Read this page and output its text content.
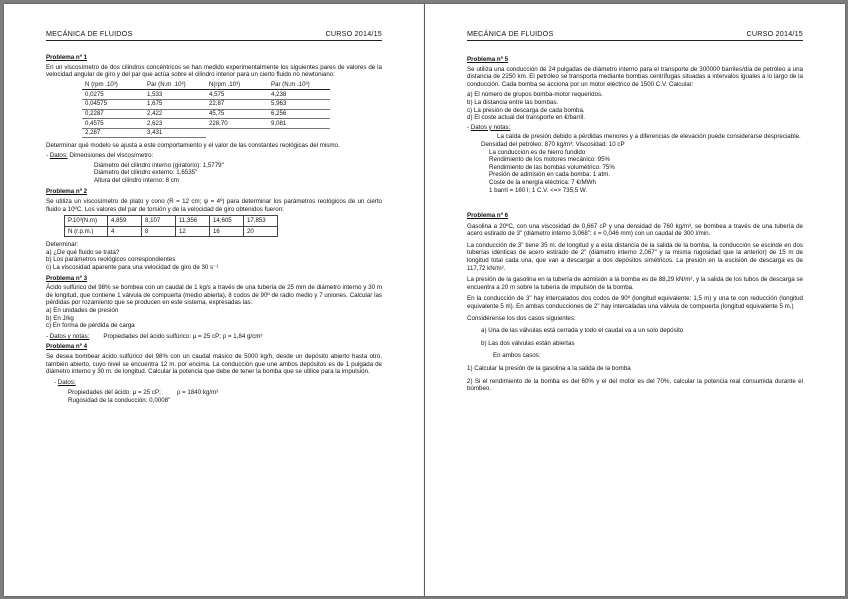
MECÁNICA DE FLUIDOS	CURSO 2014/15
Problema nº 1

En un viscosímetro de dos cilindros concéntricos se han medido experimentalmente los siguientes pares de valores de la velocidad angular de giro y del par que actúa sobre el cilindro interior para un cierto fluido no newtoniano:

N (rpm .10³)	Par (N.m .10³)	N(rpm .10³)	Par (N.m .10³)
0,0275	1,533	4,575	4,238
0,04575	1,675	22,87	5,963
0,2287	2,422	45,75	6,256
0,4575	2,623	228,70	9,081
2,287	3,431		

Determinar qué modelo se ajusta a este comportamiento y el valor de las constantes reológicas del mismo.

- Datos: Dimensiones del viscosímetro:
Diámetro del cilindro interno (giratorio): 1,5779"
Diámetro del cilindro externo: 1,6535"
Altura del cilindro interno: 8 cm
Problema nº 2

Se utiliza un viscosímetro de plato y cono (R = 12 cm; ψ = 4º) para determinar los parámetros reológicos de un cierto fluido a 10ºC. Los valores del par de torsión y de la velocidad de giro obtenidos fueron:

P.10³(N.m)	4,859	8,107	11,356	14,605	17,853
N (r.p.m.)	4	8	12	16	20
Determinar:
a) ¿De qué fluido se trata?
b) Los parámetros reológicos correspondientes
c) La viscosidad aparente para una velocidad de giro de 30 s⁻¹
Problema nº 3

Ácido sulfúrico del 98% se bombea con un caudal de 1 kg/s a través de una tubería de 25 mm de diámetro interno y 30 m de longitud, que contiene 1 válvula de compuerta (medio abierta), 8 codos de 90º de radio medio y 7 uniones. Calcular las pérdidas por rozamiento que se producen en este sistema, expresadas las:

a) En unidades de presión
b) En J/kg
c) En forma de pérdida de carga
- Datos y notas: Propiedades del ácido sulfúrico: μ = 25 cP; ρ = 1,84 g/cm³
Problema nº 4

Se desea bombear ácido sulfúrico del 98% con un caudal másico de 5000 kg/h, desde un depósito abierto hasta otro, también abierto, cuyo nivel se encuentra 12 m. por encima. La conducción que une ambos depósitos es de 1 pulgada de diámetro interno y 30 m. de longitud. Calcular la potencia que debe de tener la bomba que se utilice para la impulsión.

- Datos:
Propiedades del ácido: μ = 25 cP;	ρ = 1840 kg/m³
Rugosidad de la conducción: 0,0008"
MECÁNICA DE FLUIDOS	CURSO 2014/15
Problema nº 5

Se utiliza una conducción de 24 pulgadas de diámetro interno para el transporte de 300000 barriles/día de petróleo a una distancia de 2250 km. El petróleo se transporta mediante bombas centrífugas situadas a intervalos iguales a lo largo de la conducción. Cada bomba se acciona por un motor eléctrico de 1500 C.V. Calcular:

a) El número de grupos bomba-motor requeridos.
b) La distancia entre las bombas.
c) La presión de descarga de cada bomba.
d) El coste actual del transporte en €/barril.
- Datos y notas:

La caída de presión debido a pérdidas menores y a diferencias de elevación puede considerarse despreciable.

Densidad del petróleo: 870 kg/m³; Viscosidad: 10 cP
La conducción es de hierro fundido
Rendimiento de los motores mecánico: 95%
Rendimiento de las bombas volumétrico: 75%
Presión de admisión en cada bomba: 1 atm.
Coste de la energía eléctrica: 7 €/MWh
1 barril = 160 l; 1 C.V. <=> 735,5 W.
Problema nº 6

Gasolina a 20ºC, con una viscosidad de 0,667 cP y una densidad de 760 kg/m³, se bombea a través de una tubería de acero estirado de 3" (diámetro interno 3,068"; ε = 0,046 mm) con un caudal de 300 l/min.

La conducción de 3" tiene 35 m. de longitud y a esta distancia de la salida de la bomba, la conducción se escinde en dos tuberías idénticas de acero estirado de 2" (diámetro interno 2,067" y la misma rugosidad que la anterior) de 15 m de longitud total cada una, que van a descargar a dos depósitos simétricos. La presión en la escisión de descarga es de 117,72 kN/m².

La presión de la gasolina en la tubería de admisión a la bomba es de 88,29 kN/m², y la salida de los tubos de descarga se encuentra a 20 m sobre la tubería de impulsión de la bomba.

En la conducción de 3" hay intercalados dos codos de 90º (longitud equivalente: 1,5 m) y una te con reducción (longitud equivalente 5 m). En ambas conducciones de 2" hay intercaladas una válvula de compuerta (longitud equivalente 5 m.)

Considérense los dos casos siguientes:
a) Una de las válvulas está cerrada y todo el caudal va a un solo depósito
b) Las dos válvulas están abiertas
En ambos casos:
1) Calcular la presión de la gasolina a la salida de la bomba

2) Si el rendimiento de la bomba es del 60% y el del motor es del 70%, calcular la potencia real consumida durante el bombeo.
